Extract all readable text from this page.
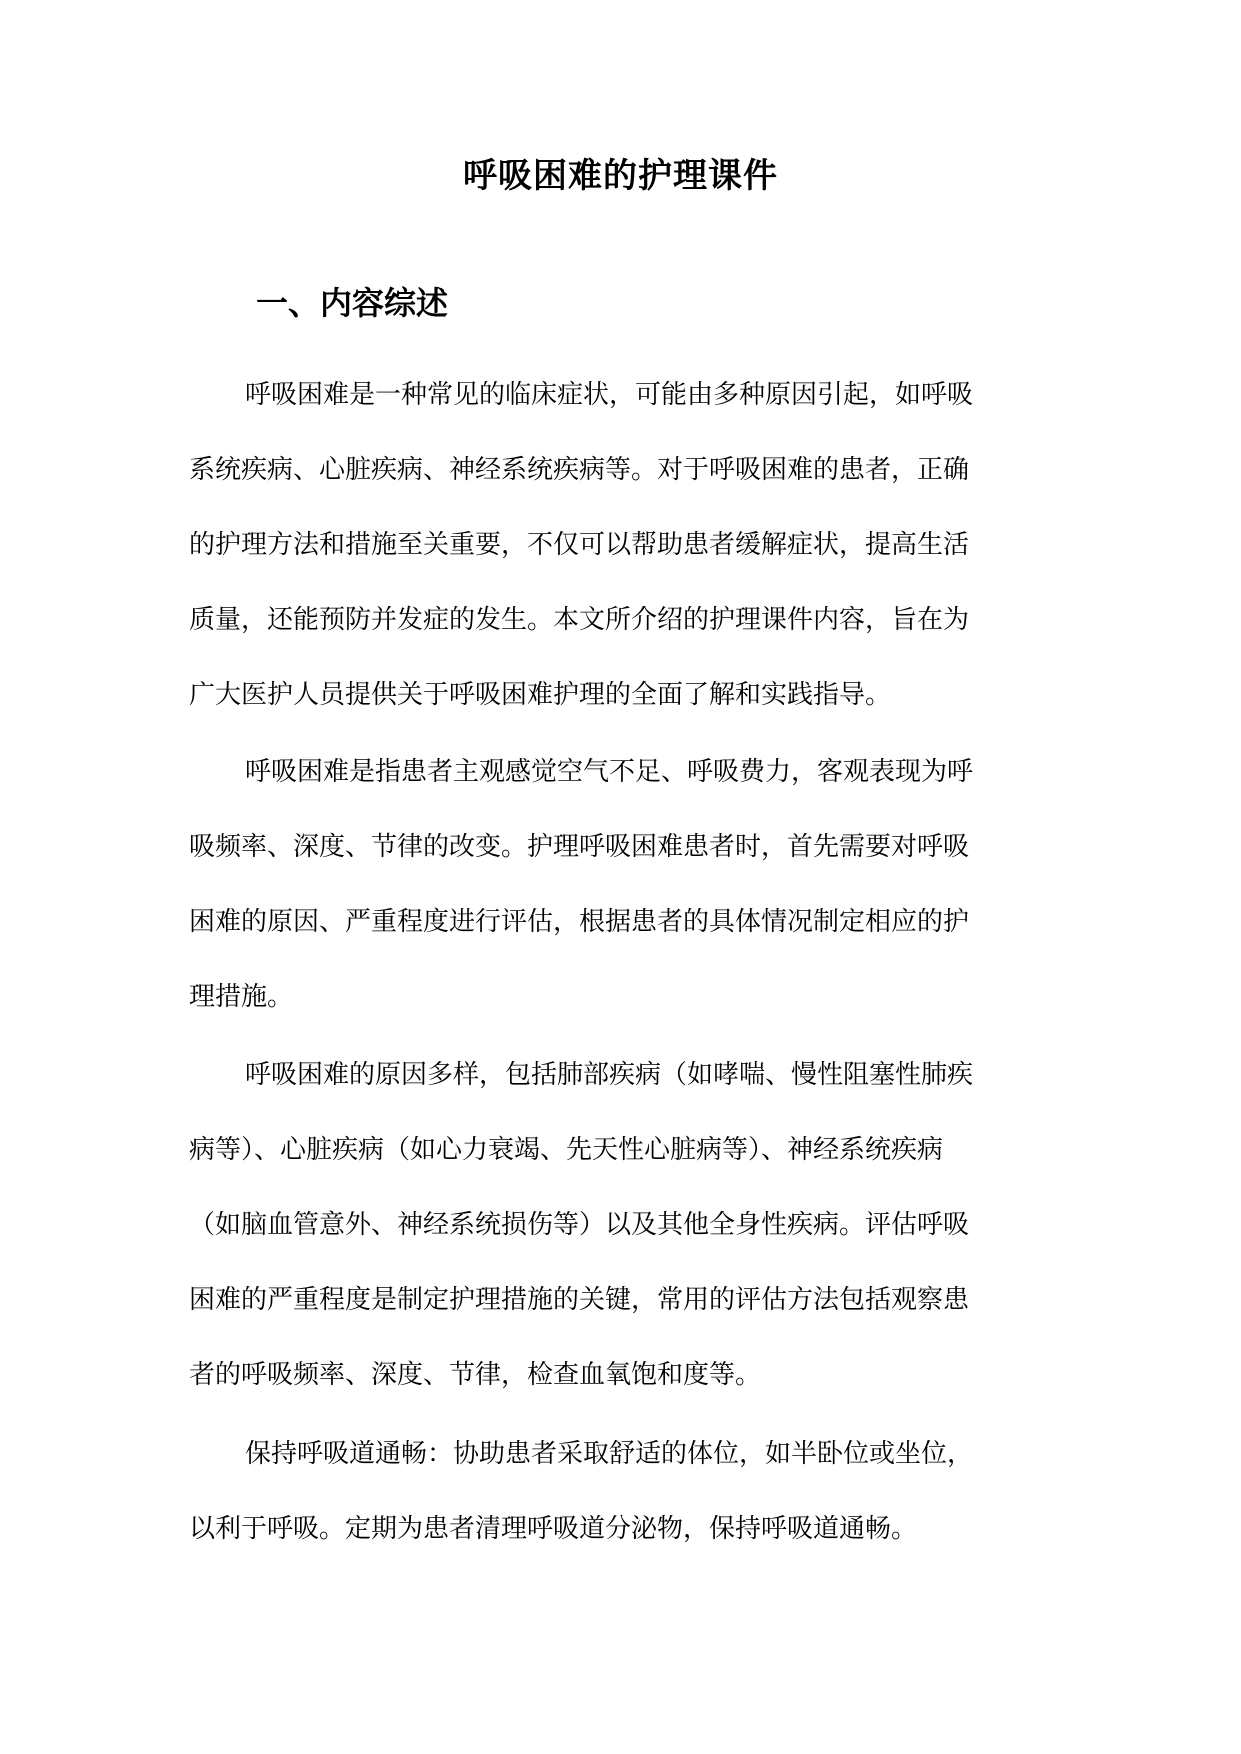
呼吸困难的护理课件
一、内容综述
呼吸困难是一种常见的临床症状，可能由多种原因引起，如呼吸
系统疾病、心脏疾病、神经系统疾病等。对于呼吸困难的患者，正确
的护理方法和措施至关重要，不仅可以帮助患者缓解症状，提高生活
质量，还能预防并发症的发生。本文所介绍的护理课件内容，旨在为
广大医护人员提供关于呼吸困难护理的全面了解和实践指导。
呼吸困难是指患者主观感觉空气不足、呼吸费力，客观表现为呼
吸频率、深度、节律的改变。护理呼吸困难患者时，首先需要对呼吸
困难的原因、严重程度进行评估，根据患者的具体情况制定相应的护
理措施。
呼吸困难的原因多样，包括肺部疾病（如哮喘、慢性阻塞性肺疾
病等）、心脏疾病（如心力衰竭、先天性心脏病等）、神经系统疾病
（如脑血管意外、神经系统损伤等）以及其他全身性疾病。评估呼吸
困难的严重程度是制定护理措施的关键，常用的评估方法包括观察患
者的呼吸频率、深度、节律，检查血氧饱和度等。
保持呼吸道通畅：协助患者采取舒适的体位，如半卧位或坐位，
以利于呼吸。定期为患者清理呼吸道分泌物，保持呼吸道通畅。
